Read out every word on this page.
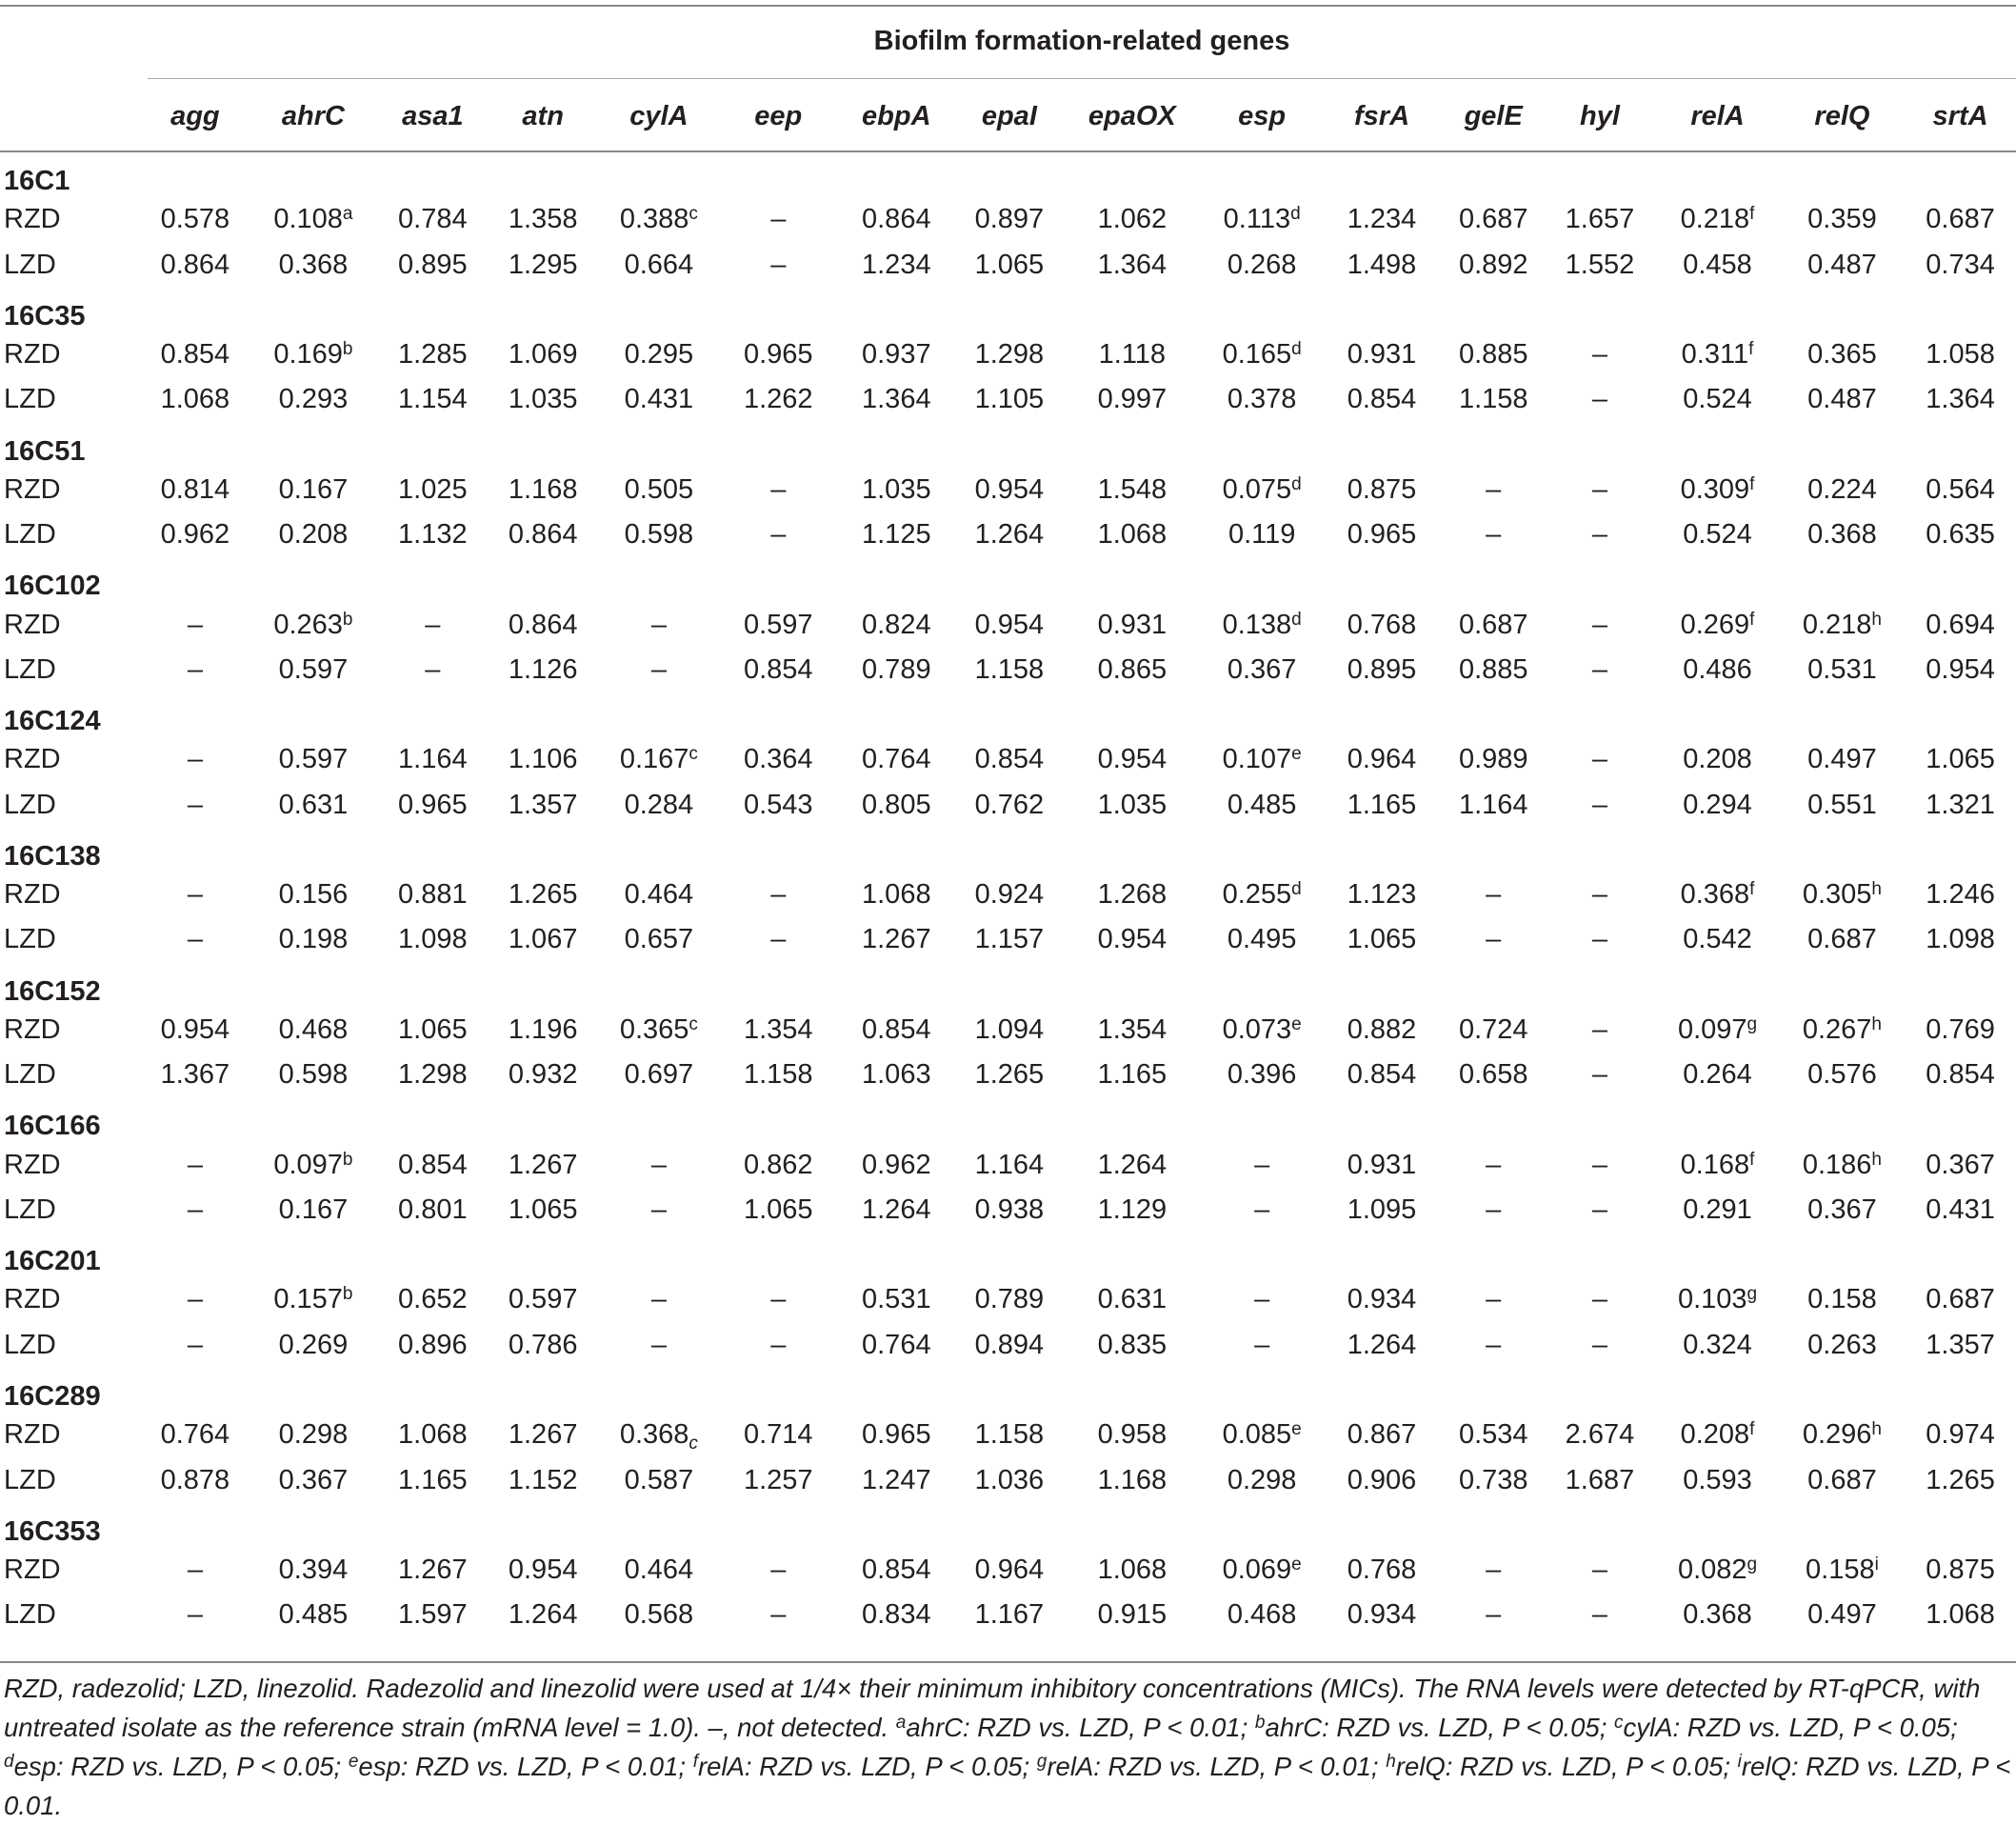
Biofilm formation-related genes
	agg	ahrC	asa1	atn	cylA	eep	ebpA	epaI	epaOX	esp	fsrA	gelE	hyl	relA	relQ	srtA

16C1																
RZD	0.578	0.108$^a$	0.784	1.358	0.388$^c$	–	0.864	0.897	1.062	0.113$^d$	1.234	0.687	1.657	0.218$^f$	0.359	0.687
LZD	0.864	0.368	0.895	1.295	0.664	–	1.234	1.065	1.364	0.268	1.498	0.892	1.552	0.458	0.487	0.734
16C35																
RZD	0.854	0.169$^b$	1.285	1.069	0.295	0.965	0.937	1.298	1.118	0.165$^d$	0.931	0.885	–	0.311$^f$	0.365	1.058
LZD	1.068	0.293	1.154	1.035	0.431	1.262	1.364	1.105	0.997	0.378	0.854	1.158	–	0.524	0.487	1.364
16C51																
RZD	0.814	0.167	1.025	1.168	0.505	–	1.035	0.954	1.548	0.075$^d$	0.875	–	–	0.309$^f$	0.224	0.564
LZD	0.962	0.208	1.132	0.864	0.598	–	1.125	1.264	1.068	0.119	0.965	–	–	0.524	0.368	0.635
16C102																
RZD	–	0.263$^b$	–	0.864	–	0.597	0.824	0.954	0.931	0.138$^d$	0.768	0.687	–	0.269$^f$	0.218$^h$	0.694
LZD	–	0.597	–	1.126	–	0.854	0.789	1.158	0.865	0.367	0.895	0.885	–	0.486	0.531	0.954
16C124																
RZD	–	0.597	1.164	1.106	0.167$^c$	0.364	0.764	0.854	0.954	0.107e	0.964	0.989	–	0.208	0.497	1.065
LZD	–	0.631	0.965	1.357	0.284	0.543	0.805	0.762	1.035	0.485	1.165	1.164	–	0.294	0.551	1.321
16C138																
RZD	–	0.156	0.881	1.265	0.464	–	1.068	0.924	1.268	0.255$^d$	1.123	–	–	0.368$^f$	0.305$^h$	1.246
LZD	–	0.198	1.098	1.067	0.657	–	1.267	1.157	0.954	0.495	1.065	–	–	0.542	0.687	1.098
16C152																
RZD	0.954	0.468	1.065	1.196	0.365$^c$	1.354	0.854	1.094	1.354	0.073e	0.882	0.724	–	0.097$^g$	0.267$^h$	0.769
LZD	1.367	0.598	1.298	0.932	0.697	1.158	1.063	1.265	1.165	0.396	0.854	0.658	–	0.264	0.576	0.854
16C166																
RZD	–	0.097$^b$	0.854	1.267	–	0.862	0.962	1.164	1.264	–	0.931	–	–	0.168$^f$	0.186$^h$	0.367
LZD	–	0.167	0.801	1.065	–	1.065	1.264	0.938	1.129	–	1.095	–	–	0.291	0.367	0.431
16C201																
RZD	–	0.157$^b$	0.652	0.597	–	–	0.531	0.789	0.631	–	0.934	–	–	0.103$^g$	0.158	0.687
LZD	–	0.269	0.896	0.786	–	–	0.764	0.894	0.835	–	1.264	–	–	0.324	0.263	1.357
16C289																
RZD	0.764	0.298	1.068	1.267	$0.368_c$	0.714	0.965	1.158	0.958	0.085e	0.867	0.534	2.674	0.208$^f$	0.296$^h$	0.974
LZD	0.878	0.367	1.165	1.152	0.587	1.257	1.247	1.036	1.168	0.298	0.906	0.738	1.687	0.593	0.687	1.265
16C353																
RZD	–	0.394	1.267	0.954	0.464	–	0.854	0.964	1.068	0.069e	0.768	–	–	0.082$^g$	0.158$^i$	0.875
LZD	–	0.485	1.597	1.264	0.568	–	0.834	1.167	0.915	0.468	0.934	–	–	0.368	0.497	1.068
RZD, radezolid; LZD, linezolid. Radezolid and linezolid were used at 1/4× their minimum inhibitory concentrations (MICs). The RNA levels were detected by RT-qPCR, with untreated isolate as the reference strain (mRNA level = 1.0). –, not detected. $^a$ahrC: RZD vs. LZD, P < 0.01; $^b$ahrC: RZD vs. LZD, P < 0.05; $^c$cylA: RZD vs. LZD, P < 0.05; $^d$esp: RZD vs. LZD, P < 0.05; $^e$esp: RZD vs. LZD, P < 0.01; $^f$relA: RZD vs. LZD, P < 0.05; $^g$relA: RZD vs. LZD, P < 0.01; $^h$relQ: RZD vs. LZD, P < 0.05; $^i$relQ: RZD vs. LZD, P < 0.01.
